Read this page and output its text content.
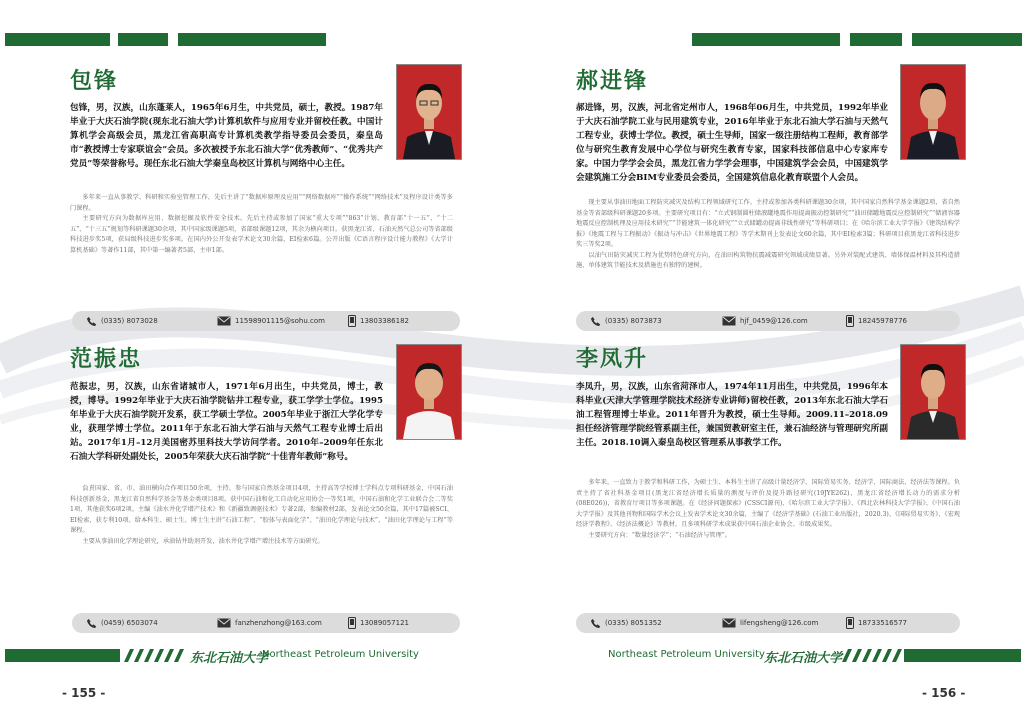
包锋

包锋，男，汉族，山东蓬莱人，1965年6月生，中共党员，硕士，教授。1987年毕业于大庆石油学院(现东北石油大学)计算机软件与应用专业并留校任教。中国计算机学会高级会员，黑龙江省高职高专计算机类教学指导委员会委员，秦皇岛市“教授博士专家联谊会”会员。多次被授予东北石油大学“优秀教师”、“优秀共产党员”等荣誉称号。现任东北石油大学秦皇岛校区计算机与网络中心主任。

多年来一直从事教学、科研和实验室管理工作，先后主讲了“数据库原理及应用”“网络数据库”“操作系统”“网络技术”及程序设计类等多门课程。

主要研究方向为数据库应用、数据挖掘及软件安全技术。先后主持或参加了国家“重大专项”“863”计划、教育部“十一五”、“十二五”、“十三五”规划等科研课题30余项，其中国家级课题5项，省部级课题12项，其余为横向项目。获黑龙江省、石油天然气总公司等省部级科技进步奖5项，获局级科技进步奖多项。在国内外公开发表学术论文30余篇，EI检索6篇。公开出版《C语言程序设计能力教程》《大学计算机基础》等著作11部，其中第一编著者5部，主审1部。

(0335) 8073028	11598901115@sohu.com	13803386182
范振忠

范振忠，男，汉族，山东省诸城市人，1971年6月出生，中共党员，博士，教授，博导。1992年毕业于大庆石油学院钻井工程专业，获工学学士学位。1995年毕业于大庆石油学院开发系，获工学硕士学位。2005年毕业于浙江大学化学专业，获理学博士学位。2011年于东北石油大学石油与天然气工程专业博士后出站。2017年1月–12月美国密苏里科技大学访问学者。2010年–2009年任东北石油大学科研处副处长，2005年荣获大庆石油学院“十佳青年教师”称号。

負責国家、省、市、油田横向合作项目50余项，主持、参与国家自然基金项目4项，主持高等学校博士学科点专项科研基金，中国石油科技创新基金，黑龙江省自然科学基金等基金类项目8项。获中国石油和化工自动化应用协会一等奖1项，中国石油和化学工业联合会二等奖1项，其他获奖6项2项。主编《油水井化学增产技术》和《新疆致调驱技术》专著2部，参编教材2部，发表论文50余篇，其中17篇被SCI、EI检索，获专利10项。给本科生、硕士生、博士生主讲“石油工程”、“胶体与表面化学”、“油田化学理论与技术”、“油田化学理论与工程”等课程。

主要从事油田化学理论研究，承油钻井助剂开发，油水井化学增产增注技术等方面研究。

(0459) 6503074	fanzhenzhong@163.com	13089057121
东北石油大学
Northeast Petroleum University
- 155 -
郝进锋

郝进锋，男，汉族，河北省定州市人，1968年06月生，中共党员，1992年毕业于大庆石油学院工业与民用建筑专业，2016年毕业于东北石油大学石油与天然气工程专业，获博士学位。教授，硕士生导师，国家一级注册结构工程师，教育部学位与研究生教育发展中心学位与研究生教育专家，国家科技部信息中心专家库专家。中国力学学会会员，黑龙江省力学学会理事，中国建筑学会会员，中国建筑学会建筑施工分会BIM专业委员会委员，全国建筑信息化教育联盟个人会员。

现主要从事油田地面工程防灾减灾及结构工程领域研究工作。主持或参加各类科研课题30余项，其中国家自然科学基金课题2项，省自然基金等省部级科研课题20多项。主要研究项目有：“立式钢制圆柱储液罐地震作用提离振动控制研究”“油田储罐地震反应控制研究”“储液容器地震反应控制机理及应用技术研究”“节能建筑一体化研究”“立式储罐动提离非线性研究”等科研项目；在《哈尔滨工业大学学报》《建筑结构学报》《地震工程与工程振动》《振动与冲击》《世界地震工程》等学术期刊上发表论文60余篇，其中EI检索3篇；科研项目获黑龙江省科技进步奖三等奖2项。

以油气田防灾减灾工程为优势特色研究方向，在油田构筑物抗震减震研究领域成绩显著。另外对装配式建筑、墙体保温材料及其构造措施，单体建筑节能技术及措施也有独特的建树。

(0335) 8073873	hjf_0459@126.com	18245978776
李凤升

李凤升，男，汉族，山东省菏泽市人，1974年11月出生，中共党员，1996年本科毕业(天津大学管理学院技术经济专业讲师)留校任教，2013年东北石油大学石油工程管理博士毕业。2011年晋升为教授，硕士生导师。2009.11–2018.09担任经济管理学院经管系副主任，兼国贸教研室主任，兼石油经济与管理研究所副主任。2018.10调入秦皇岛校区管理系从事教学工作。

多年来，一直致力于教学和科研工作，为硕士生、本科生主讲了高级计量经济学、国际贸易实务、经济学、国际商法、经济法等课程。负责主持了省社科基金项目(黑龙江省经济增长质量的测度与评价及提升路径研究(19JYE262)，黑龙江省经济增长动力的需求分析(08E026))，省教育厅项目等多项课题。在《经济问题探索》(CSSCI源刊)、《哈尔滨工业大学学报》、《西北农林科技大学学报》、《中国石油大学学报》及其他刊物和国际学术会议上发表学术论文30余篇，主编了《经济学基础》(石油工业出版社，2020.3)、《国际贸易实务》、《宏观经济学教程》、《经济法概论》等教材，且多项科研学术成果获中国石油企业协会、市级成果奖。

主要研究方向：“数量经济学”；“石油经济与管理”。

(0335) 8051352	lifengsheng@126.com	18733516577
Northeast Petroleum University 东北石油大学
- 156 -
